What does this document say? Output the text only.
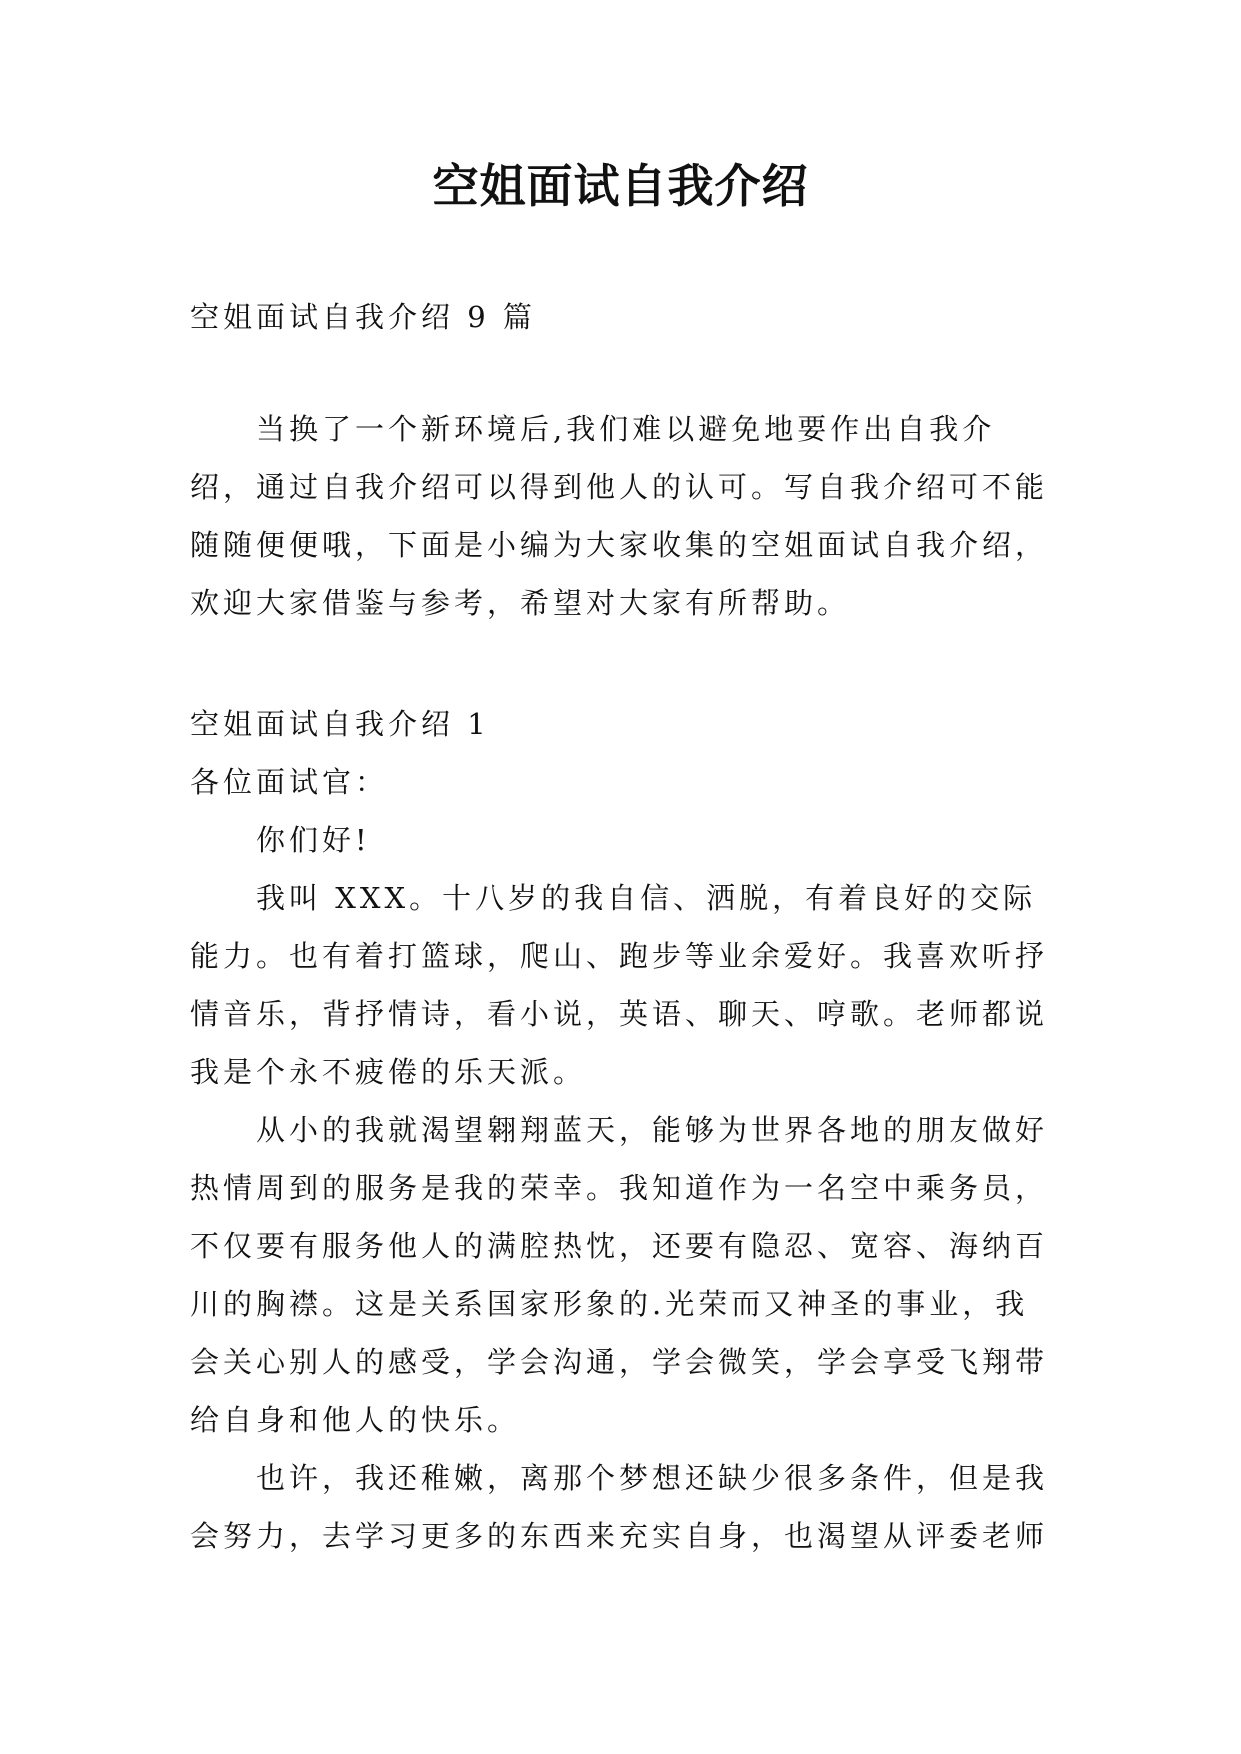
空姐面试自我介绍

空姐面试自我介绍 9 篇

当换了一个新环境后,我们难以避免地要作出自我介绍，通过自我介绍可以得到他人的认可。写自我介绍可不能随随便便哦，下面是小编为大家收集的空姐面试自我介绍，欢迎大家借鉴与参考，希望对大家有所帮助。

空姐面试自我介绍 1

各位面试官：

你们好!

我叫 XXX。十八岁的我自信、洒脱，有着良好的交际能力。也有着打篮球，爬山、跑步等业余爱好。我喜欢听抒情音乐，背抒情诗，看小说，英语、聊天、哼歌。老师都说我是个永不疲倦的乐天派。

从小的我就渴望翱翔蓝天，能够为世界各地的朋友做好热情周到的服务是我的荣幸。我知道作为一名空中乘务员，不仅要有服务他人的满腔热忱，还要有隐忍、宽容、海纳百川的胸襟。这是关系国家形象的.光荣而又神圣的事业，我会关心别人的感受，学会沟通，学会微笑，学会享受飞翔带给自身和他人的快乐。

也许，我还稚嫩，离那个梦想还缺少很多条件，但是我会努力，去学习更多的东西来充实自身，也渴望从评委老师
